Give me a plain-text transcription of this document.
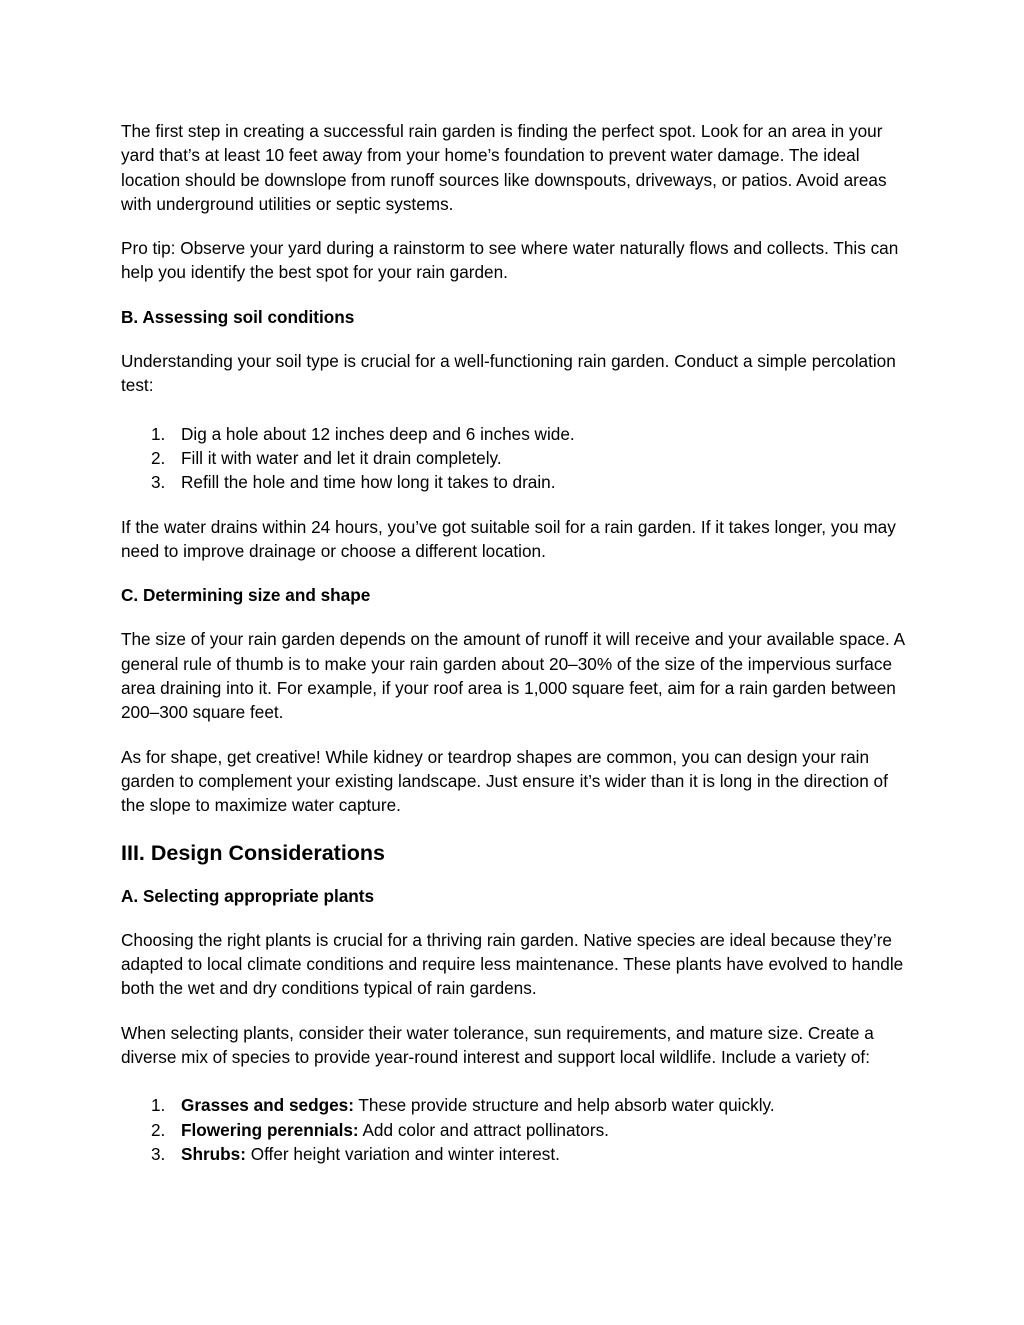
The first step in creating a successful rain garden is finding the perfect spot. Look for an area in your yard that’s at least 10 feet away from your home’s foundation to prevent water damage. The ideal location should be downslope from runoff sources like downspouts, driveways, or patios. Avoid areas with underground utilities or septic systems.

Pro tip: Observe your yard during a rainstorm to see where water naturally flows and collects. This can help you identify the best spot for your rain garden.

B. Assessing soil conditions

Understanding your soil type is crucial for a well-functioning rain garden. Conduct a simple percolation test:

1. Dig a hole about 12 inches deep and 6 inches wide.
2. Fill it with water and let it drain completely.
3. Refill the hole and time how long it takes to drain.

If the water drains within 24 hours, you’ve got suitable soil for a rain garden. If it takes longer, you may need to improve drainage or choose a different location.

C. Determining size and shape

The size of your rain garden depends on the amount of runoff it will receive and your available space. A general rule of thumb is to make your rain garden about 20–30% of the size of the impervious surface area draining into it. For example, if your roof area is 1,000 square feet, aim for a rain garden between 200–300 square feet.

As for shape, get creative! While kidney or teardrop shapes are common, you can design your rain garden to complement your existing landscape. Just ensure it’s wider than it is long in the direction of the slope to maximize water capture.

III. Design Considerations
A. Selecting appropriate plants

Choosing the right plants is crucial for a thriving rain garden. Native species are ideal because they’re adapted to local climate conditions and require less maintenance. These plants have evolved to handle both the wet and dry conditions typical of rain gardens.

When selecting plants, consider their water tolerance, sun requirements, and mature size. Create a diverse mix of species to provide year-round interest and support local wildlife. Include a variety of:

1. Grasses and sedges: These provide structure and help absorb water quickly.
2. Flowering perennials: Add color and attract pollinators.
3. Shrubs: Offer height variation and winter interest.
